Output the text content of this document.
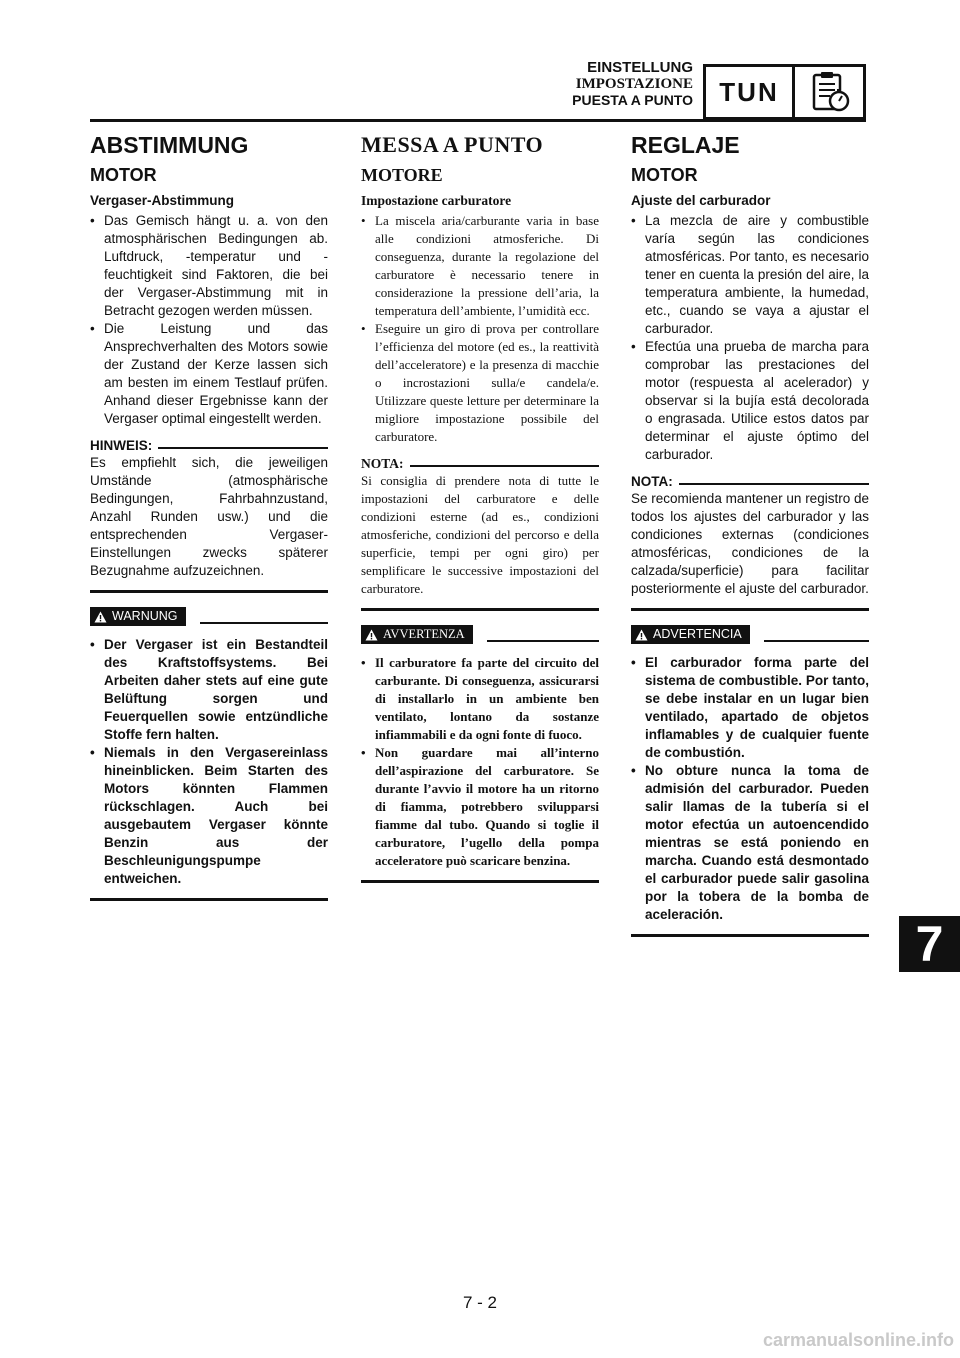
EINSTELLUNG
IMPOSTAZIONE
PUESTA A PUNTO	TUN
ABSTIMMUNG
MOTOR
Vergaser-Abstimmung
• Das Gemisch hängt u. a. von den atmosphärischen Bedingungen ab. Luftdruck, -temperatur und -feuchtigkeit sind Faktoren, die bei der Vergaser-Abstimmung mit in Betracht gezogen werden müssen.
• Die Leistung und das Ansprechverhalten des Motors sowie der Zustand der Kerze lassen sich am besten im einem Testlauf prüfen. Anhand dieser Ergebnisse kann der Vergaser optimal eingestellt werden.
HINWEIS:
Es empfiehlt sich, die jeweiligen Umstände (atmosphärische Bedingungen, Fahrbahnzustand, Anzahl Runden usw.) und die entsprechenden Vergaser-Einstellungen zwecks späterer Bezugnahme aufzuzeichnen.
WARNUNG
• Der Vergaser ist ein Bestandteil des Kraftstoffsystems. Bei Arbeiten daher stets auf eine gute Belüftung sorgen und Feuerquellen sowie entzündliche Stoffe fern halten.
• Niemals in den Vergasereinlass hineinblicken. Beim Starten des Motors könnten Flammen rückschlagen. Auch bei ausgebautem Vergaser könnte Benzin aus der Beschleunigungspumpe entweichen.
MESSA A PUNTO
MOTORE
Impostazione carburatore
• La miscela aria/carburante varia in base alle condizioni atmosferiche. Di conseguenza, durante la regolazione del carburatore è necessario tenere in considerazione la pressione dell’aria, la temperatura dell’ambiente, l’umidità ecc.
• Eseguire un giro di prova per controllare l’efficienza del motore (ed es., la reattività dell’acceleratore) e la presenza di macchie o incrostazioni sulla/e candela/e. Utilizzare queste letture per determinare la migliore impostazione possibile del carburatore.
NOTA:
Si consiglia di prendere nota di tutte le impostazioni del carburatore e delle condizioni esterne (ad es., condizioni atmosferiche, condizioni del percorso e della superficie, tempi per ogni giro) per semplificare le successive impostazioni del carburatore.
AVVERTENZA
• Il carburatore fa parte del circuito del carburante. Di conseguenza, assicurarsi di installarlo in un ambiente ben ventilato, lontano da sostanze infiammabili e da ogni fonte di fuoco.
• Non guardare mai all’interno dell’aspirazione del carburatore. Se durante l’avvio il motore ha un ritorno di fiamma, potrebbero svilupparsi fiamme dal tubo. Quando si toglie il carburatore, l’ugello della pompa acceleratore può scaricare benzina.
REGLAJE
MOTOR
Ajuste del carburador
• La mezcla de aire y combustible varía según las condiciones atmosféricas. Por tanto, es necesario tener en cuenta la presión del aire, la temperatura ambiente, la humedad, etc., cuando se vaya a ajustar el carburador.
• Efectúa una prueba de marcha para comprobar las prestaciones del motor (respuesta al acelerador) y observar si la bujía está decolorada o engrasada. Utilice estos datos par determinar el ajuste óptimo del carburador.
NOTA:
Se recomienda mantener un registro de todos los ajustes del carburador y las condiciones externas (condiciones atmosféricas, condiciones de la calzada/superficie) para facilitar posteriormente el ajuste del carburador.
ADVERTENCIA
• El carburador forma parte del sistema de combustible. Por tanto, se debe instalar en un lugar bien ventilado, apartado de objetos inflamables y de cualquier fuente de combustión.
• No obture nunca la toma de admisión del carburador. Pueden salir llamas de la tubería si el motor efectúa un autoencendido mientras se está poniendo en marcha. Cuando está desmontado el carburador puede salir gasolina por la tobera de la bomba de aceleración.
7
7 - 2
carmanualsonline.info
